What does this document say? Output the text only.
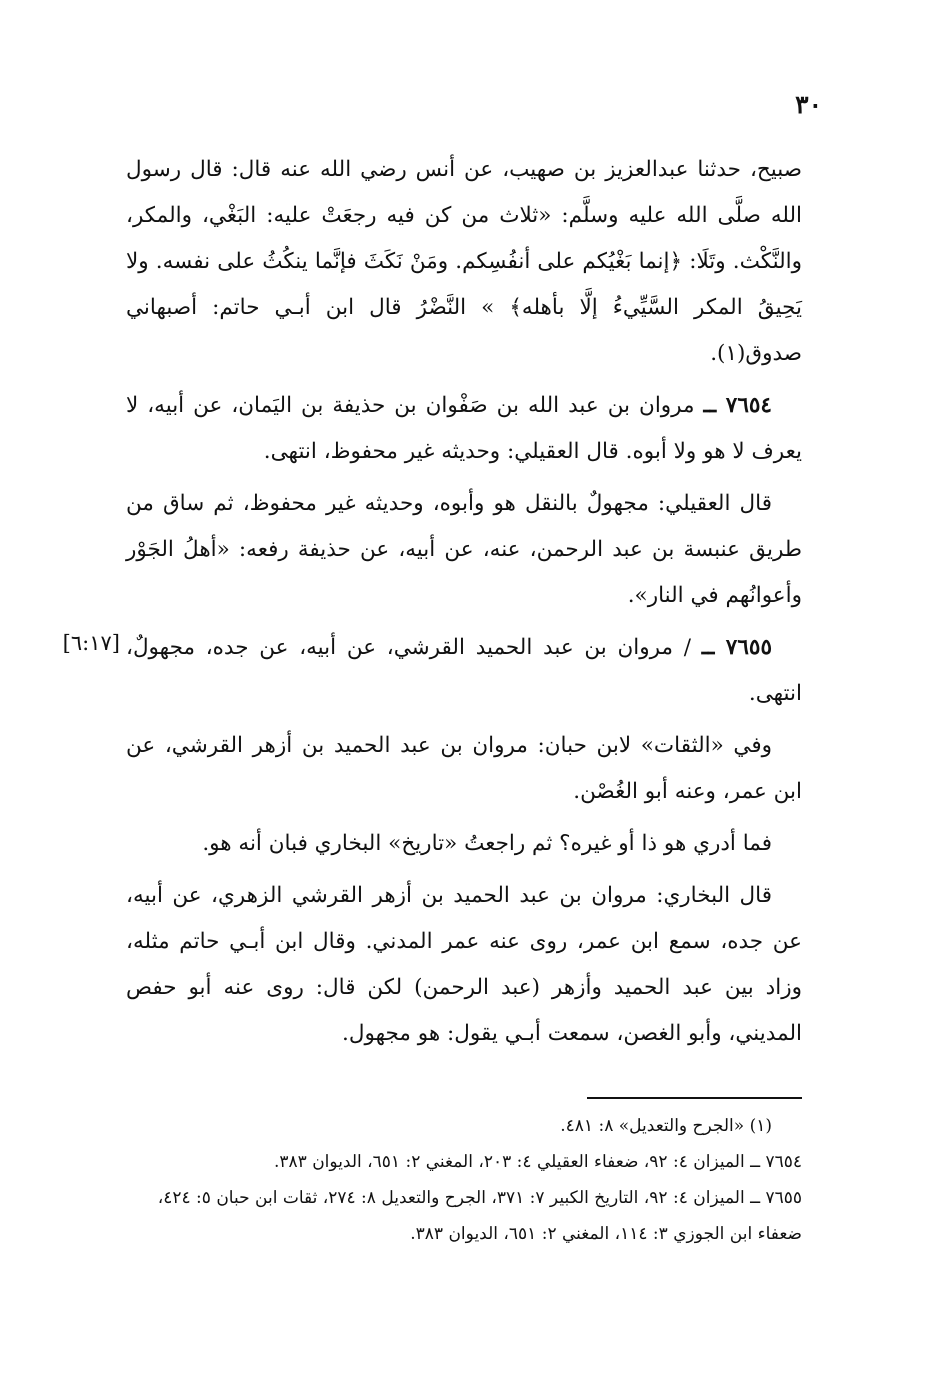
٣٠

صبيح، حدثنا عبدالعزيز بن صهيب، عن أنس رضي الله عنه قال: قال رسول الله صلَّى الله عليه وسلَّم: «ثلاث من كن فيه رجعَتْ عليه: البَغْي، والمكر، والنَّكْث. وتَلَا: ﴿إنما بَغْيُكم على أنفُسِكم. ومَنْ نَكَثَ فإنَّما ينكُثُ على نفسه. ولا يَحِيقُ المكر السَّيِّيءُ إلَّا بأهله﴾ » النَّضْرُ قال ابن أبـي حاتم: أصبهاني صدوق(١).

٧٦٥٤ ــ مروان بن عبد الله بن صَفْوان بن حذيفة بن اليَمان، عن أبيه، لا يعرف لا هو ولا أبوه. قال العقيلي: وحديثه غير محفوظ، انتهى.

قال العقيلي: مجهولٌ بالنقل هو وأبوه، وحديثه غير محفوظ، ثم ساق من طريق عنبسة بن عبد الرحمن، عنه، عن أبيه، عن حذيفة رفعه: «أهلُ الجَوْر وأعوانُهم في النار».

٧٦٥٥ ــ / مروان بن عبد الحميد القرشي، عن أبيه، عن جده، مجهولٌ، انتهى.

وفي «الثقات» لابن حبان: مروان بن عبد الحميد بن أزهر القرشي، عن ابن عمر، وعنه أبو الغُصْن.

فما أدري هو ذا أو غيره؟ ثم راجعتُ «تاريخ» البخاري فبان أنه هو.

قال البخاري: مروان بن عبد الحميد بن أزهر القرشي الزهري، عن أبيه، عن جده، سمع ابن عمر، روى عنه عمر المدني. وقال ابن أبـي حاتم مثله، وزاد بين عبد الحميد وأزهر (عبد الرحمن) لكن قال: روى عنه أبو حفص المديني، وأبو الغصن، سمعت أبـي يقول: هو مجهول.

[٦:١٧]

(١) «الجرح والتعديل» ٨: ٤٨١.

٧٦٥٤ ــ الميزان ٤: ٩٢، ضعفاء العقيلي ٤: ٢٠٣، المغني ٢: ٦٥١، الديوان ٣٨٣.

٧٦٥٥ ــ الميزان ٤: ٩٢، التاريخ الكبير ٧: ٣٧١، الجرح والتعديل ٨: ٢٧٤، ثقات ابن حبان ٥: ٤٢٤، ضعفاء ابن الجوزي ٣: ١١٤، المغني ٢: ٦٥١، الديوان ٣٨٣.
